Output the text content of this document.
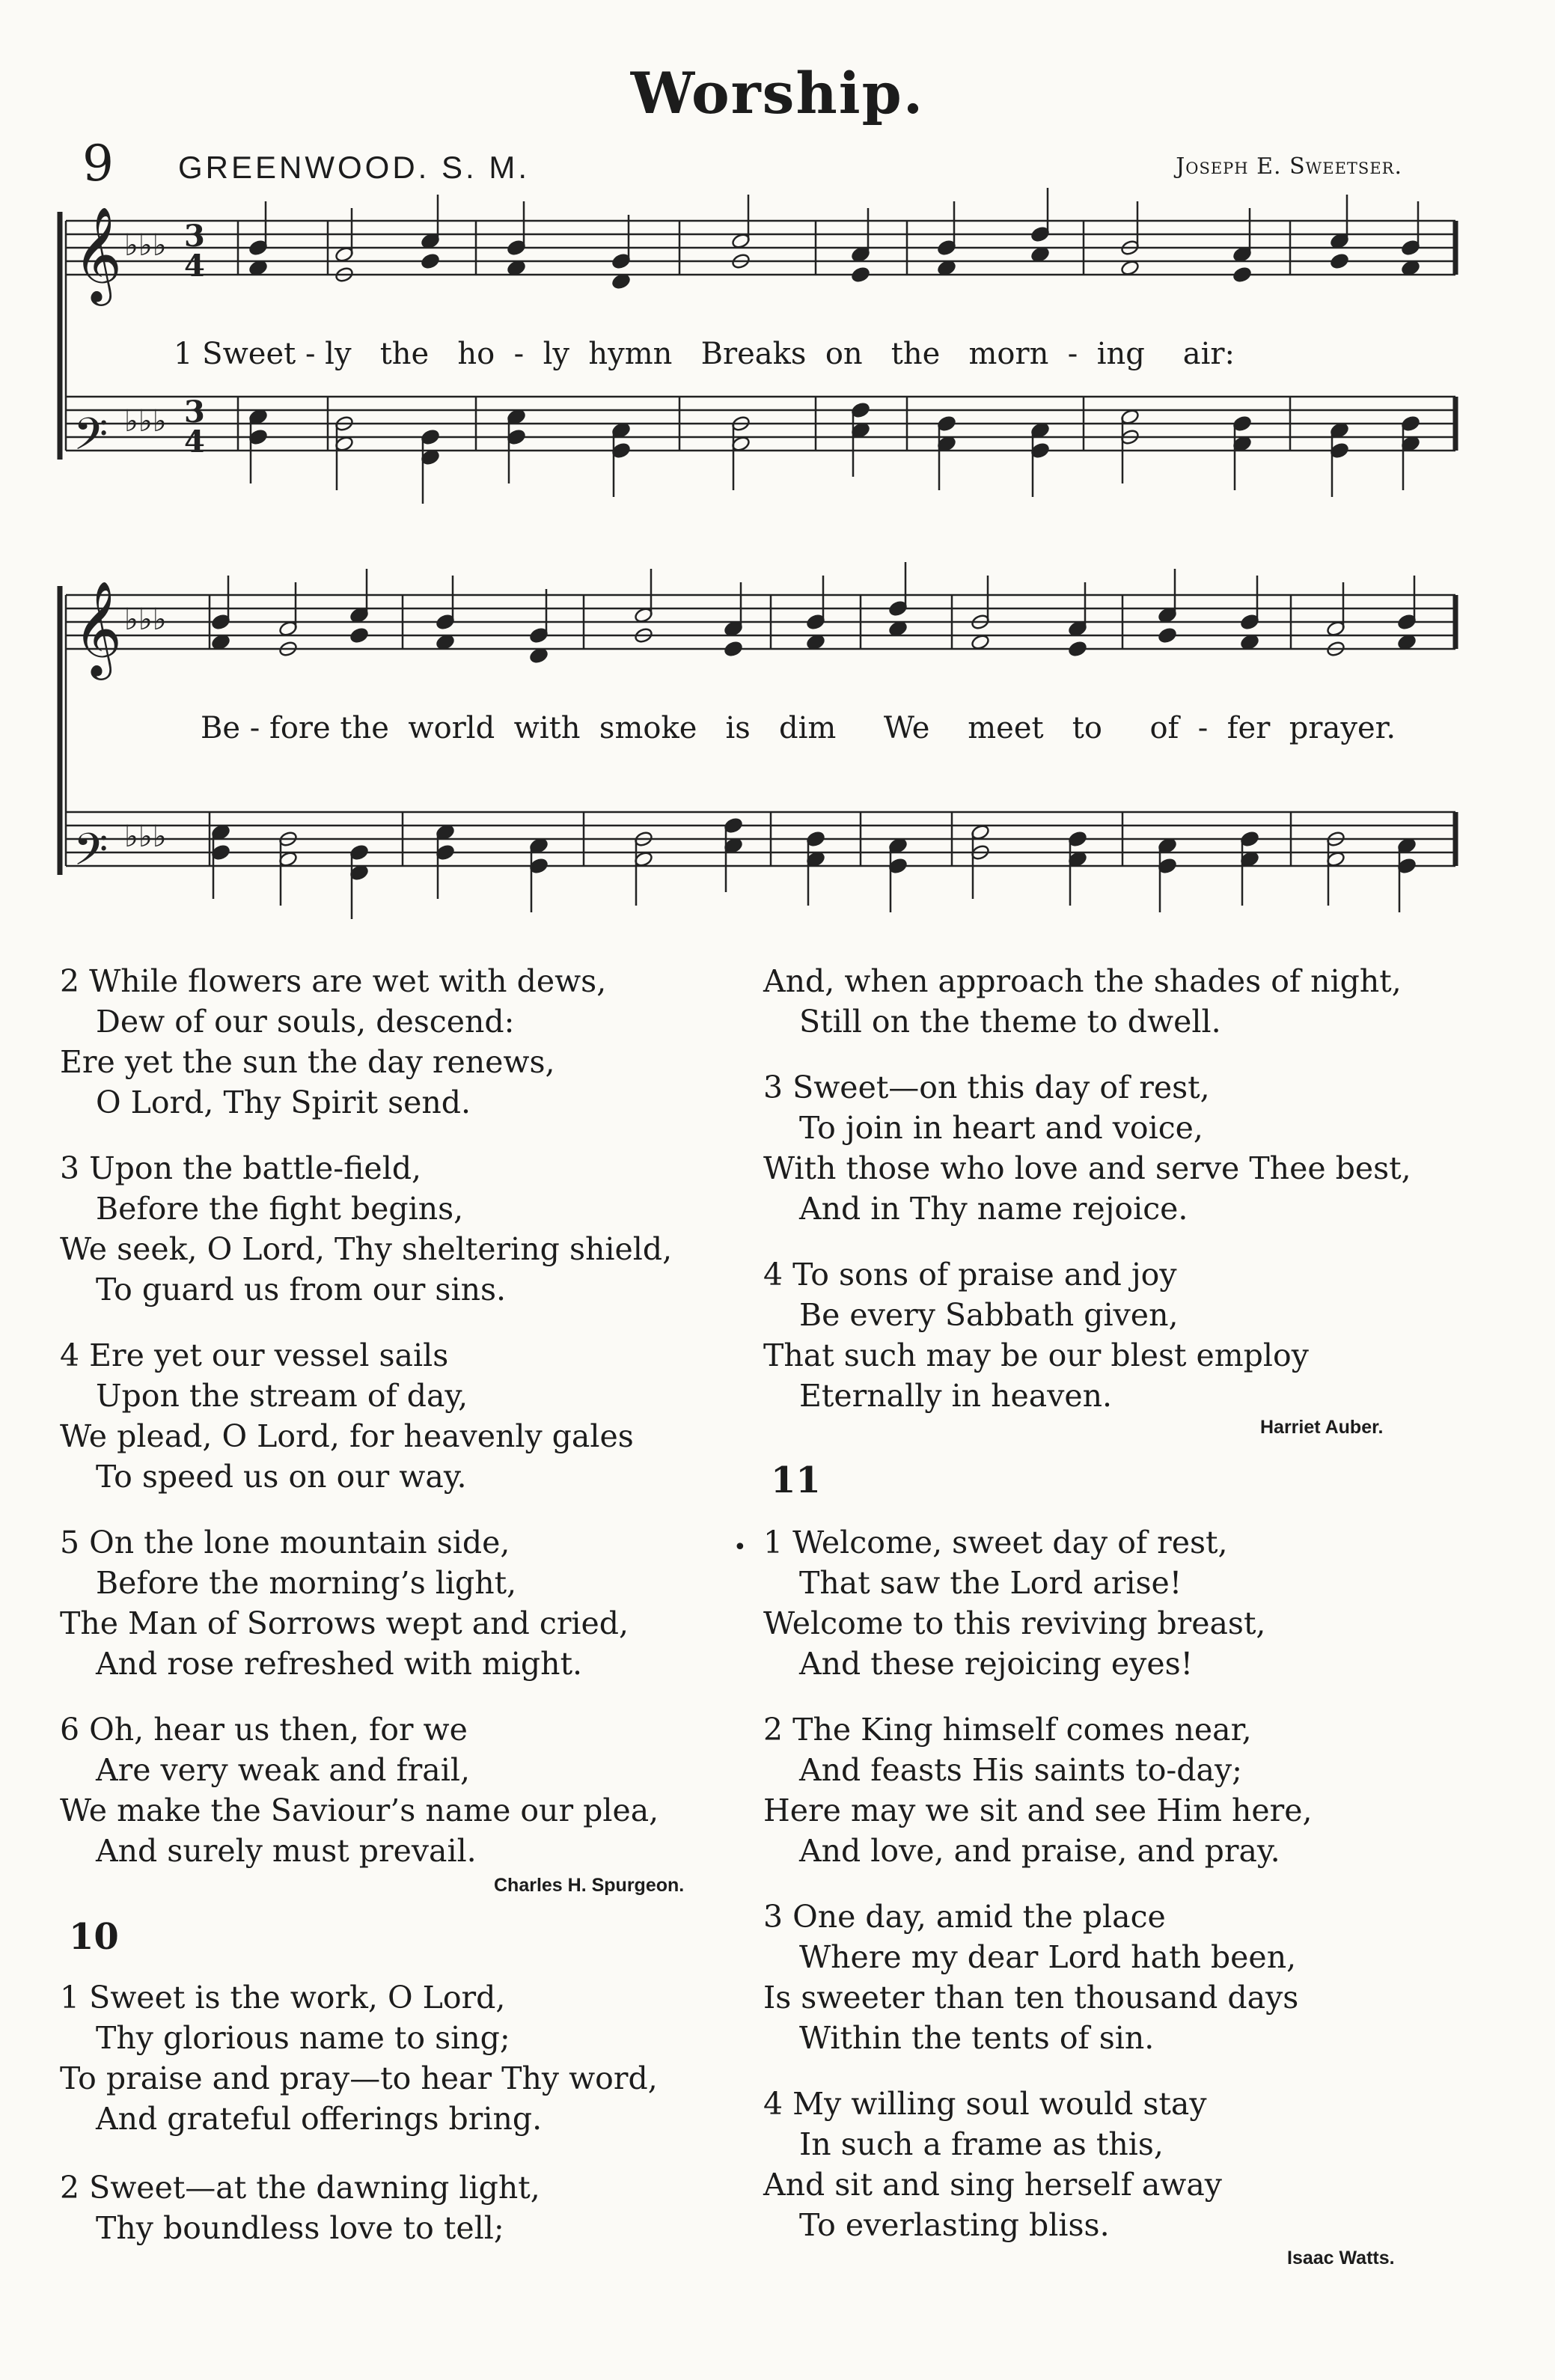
Worship.
9 GREENWOOD. S. M.	Joseph E. Sweetser.
𝄞 ♭♭♭ 3
4
𝄢 ♭♭♭ 3
4
𝄞 ♭♭♭
𝄢 ♭♭♭
1 Sweet - ly   the   ho  -  ly  hymn   Breaks  on   the   morn  -  ing    air:
Be - fore the  world  with  smoke   is   dim     We    meet   to     of  -  fer  prayer.
2 While flowers are wet with dews,
Dew of our souls, descend:
Ere yet the sun the day renews,
O Lord, Thy Spirit send.
3 Upon the battle-field,
Before the fight begins,
We seek, O Lord, Thy sheltering shield,
To guard us from our sins.
4 Ere yet our vessel sails
Upon the stream of day,
We plead, O Lord, for heavenly gales
To speed us on our way.
5 On the lone mountain side,
Before the morning’s light,
The Man of Sorrows wept and cried,
And rose refreshed with might.
6 Oh, hear us then, for we
Are very weak and frail,
We make the Saviour’s name our plea,
And surely must prevail.
Charles H. Spurgeon.
10
1 Sweet is the work, O Lord,
Thy glorious name to sing;
To praise and pray—to hear Thy word,
And grateful offerings bring.
2 Sweet—at the dawning light,
Thy boundless love to tell;
And, when approach the shades of night,
Still on the theme to dwell.
3 Sweet—on this day of rest,
To join in heart and voice,
With those who love and serve Thee best,
And in Thy name rejoice.
4 To sons of praise and joy
Be every Sabbath given,
That such may be our blest employ
Eternally in heaven.
Harriet Auber.
11
• 1 Welcome, sweet day of rest,
That saw the Lord arise!
Welcome to this reviving breast,
And these rejoicing eyes!
2 The King himself comes near,
And feasts His saints to-day;
Here may we sit and see Him here,
And love, and praise, and pray.
3 One day, amid the place
Where my dear Lord hath been,
Is sweeter than ten thousand days
Within the tents of sin.
4 My willing soul would stay
In such a frame as this,
And sit and sing herself away
To everlasting bliss.
Isaac Watts.
